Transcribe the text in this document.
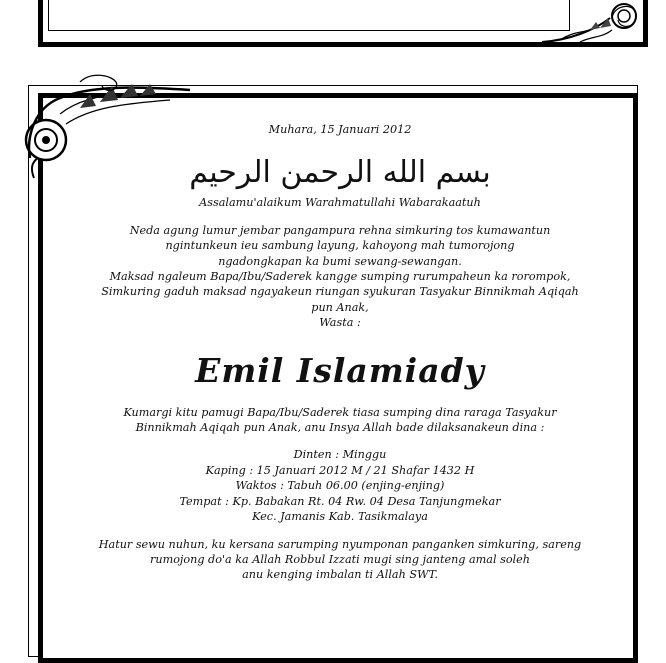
Muhara, 15 Januari 2012

بسم الله الرحمن الرحيم

Assalamu'alaikum Warahmatullahi Wabarakaatuh

Neda agung lumur jembar pangampura rehna simkuring tos kumawantun

ngintunkeun ieu sambung layung, kahoyong mah tumorojong

ngadongkapan ka bumi sewang-sewangan.

Maksad ngaleum Bapa/Ibu/Saderek kangge sumping rurumpaheun ka rorompok,

Simkuring gaduh maksad ngayakeun riungan syukuran Tasyakur Binnikmah Aqiqah

pun Anak,

Wasta :

Emil Islamiady

Kumargi kitu pamugi Bapa/Ibu/Saderek tiasa sumping dina raraga Tasyakur

Binnikmah Aqiqah pun Anak, anu Insya Allah bade dilaksanakeun dina :

Dinten : Minggu

Kaping : 15 Januari 2012 M / 21 Shafar 1432 H

Waktos : Tabuh 06.00 (enjing-enjing)

Tempat : Kp. Babakan Rt. 04 Rw. 04 Desa Tanjungmekar

Kec. Jamanis Kab. Tasikmalaya

Hatur sewu nuhun, ku kersana sarumping nyumponan panganken simkuring, sareng

rumojong do'a ka Allah Robbul Izzati mugi sing janteng amal soleh

anu kenging imbalan ti Allah SWT.
